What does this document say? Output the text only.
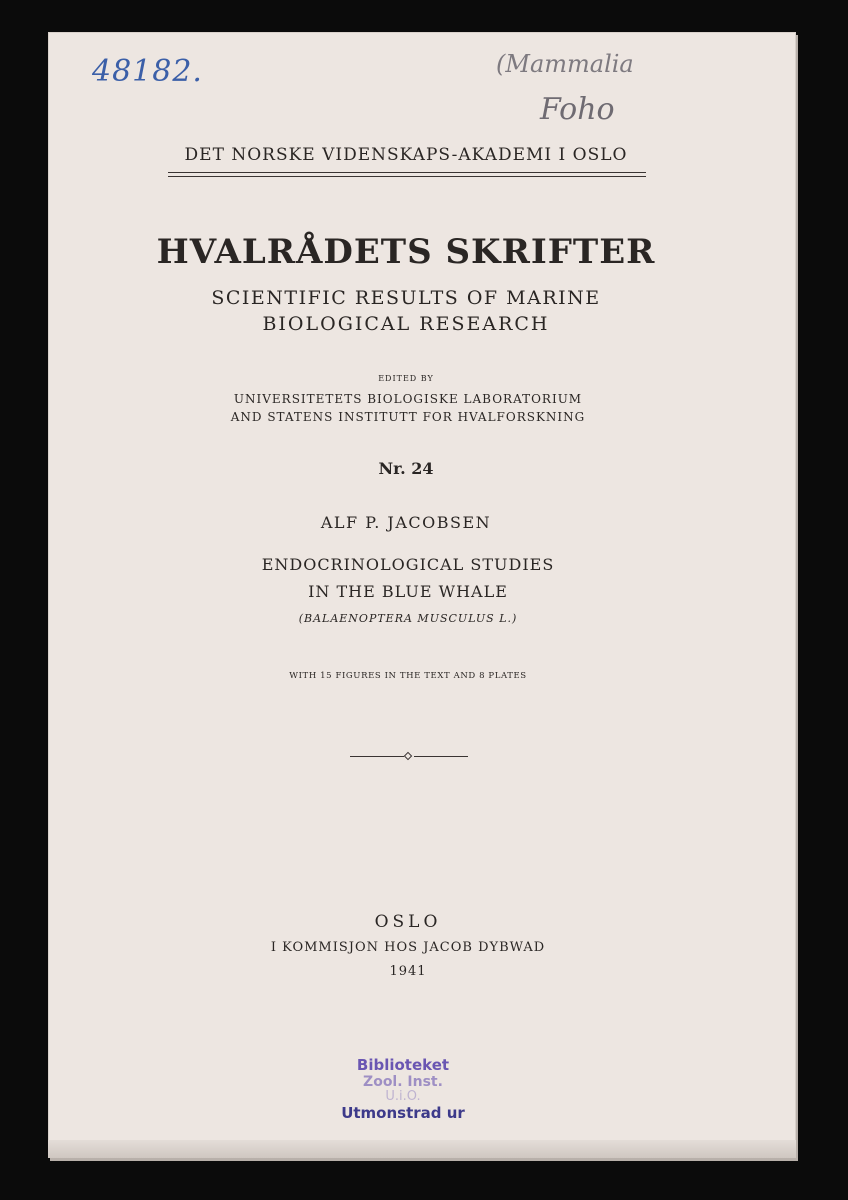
48182.	(Mammalia
Foho
DET NORSKE VIDENSKAPS-AKADEMI I OSLO
HVALRÅDETS SKRIFTER
SCIENTIFIC RESULTS OF MARINE
BIOLOGICAL RESEARCH
EDITED BY
UNIVERSITETETS BIOLOGISKE LABORATORIUM
AND STATENS INSTITUTT FOR HVALFORSKNING
Nr. 24
ALF P. JACOBSEN
ENDOCRINOLOGICAL STUDIES
IN THE BLUE WHALE
(BALAENOPTERA MUSCULUS L.)
WITH 15 FIGURES IN THE TEXT AND 8 PLATES
OSLO
I KOMMISJON HOS JACOB DYBWAD
1941
Biblioteket
Zool. Inst.
U.i.O.
Utmonstrad ur
